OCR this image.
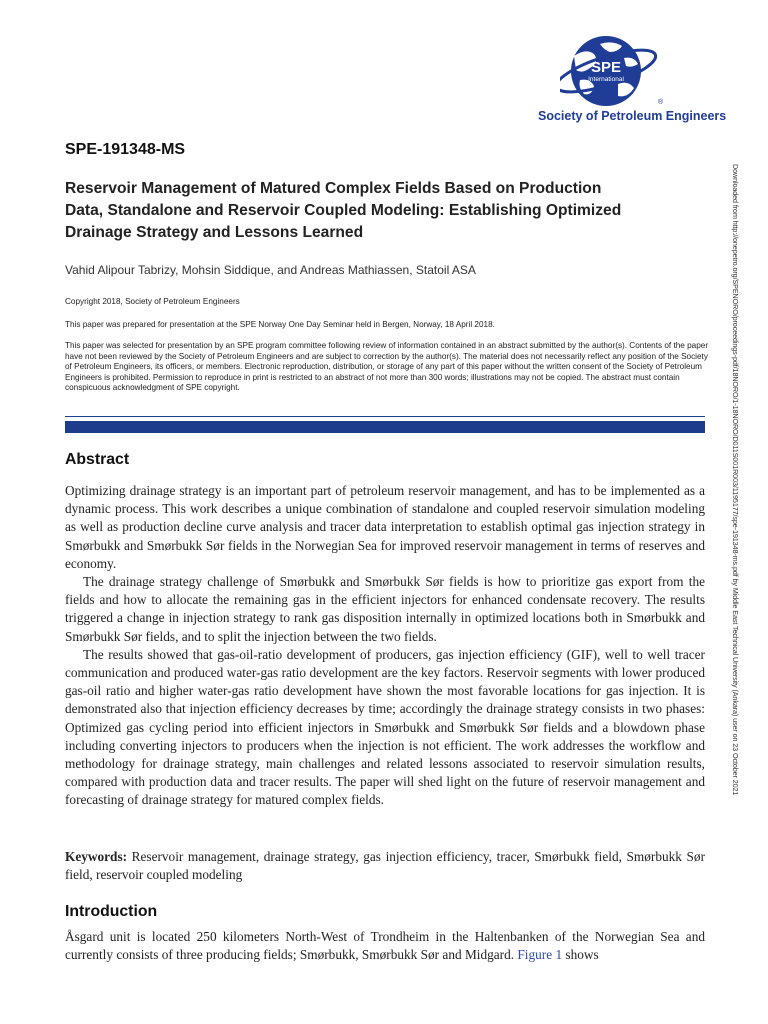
SPE
International
®
Society of Petroleum Engineers
SPE-191348-MS
Reservoir Management of Matured Complex Fields Based on Production
Data, Standalone and Reservoir Coupled Modeling: Establishing Optimized
Drainage Strategy and Lessons Learned
Vahid Alipour Tabrizy, Mohsin Siddique, and Andreas Mathiassen, Statoil ASA
Copyright 2018, Society of Petroleum Engineers
This paper was prepared for presentation at the SPE Norway One Day Seminar held in Bergen, Norway, 18 April 2018.
This paper was selected for presentation by an SPE program committee following review of information contained in an abstract submitted by the author(s). Contents of the paper have not been reviewed by the Society of Petroleum Engineers and are subject to correction by the author(s). The material does not necessarily reflect any position of the Society of Petroleum Engineers, its officers, or members. Electronic reproduction, distribution, or storage of any part of this paper without the written consent of the Society of Petroleum Engineers is prohibited. Permission to reproduce in print is restricted to an abstract of not more than 300 words; illustrations may not be copied. The abstract must contain conspicuous acknowledgment of SPE copyright.
Abstract

Optimizing drainage strategy is an important part of petroleum reservoir management, and has to be implemented as a dynamic process. This work describes a unique combination of standalone and coupled reservoir simulation modeling as well as production decline curve analysis and tracer data interpretation to establish optimal gas injection strategy in Smørbukk and Smørbukk Sør fields in the Norwegian Sea for improved reservoir management in terms of reserves and economy.

The drainage strategy challenge of Smørbukk and Smørbukk Sør fields is how to prioritize gas export from the fields and how to allocate the remaining gas in the efficient injectors for enhanced condensate recovery. The results triggered a change in injection strategy to rank gas disposition internally in optimized locations both in Smørbukk and Smørbukk Sør fields, and to split the injection between the two fields.

The results showed that gas-oil-ratio development of producers, gas injection efficiency (GIF), well to well tracer communication and produced water-gas ratio development are the key factors. Reservoir segments with lower produced gas-oil ratio and higher water-gas ratio development have shown the most favorable locations for gas injection. It is demonstrated also that injection efficiency decreases by time; accordingly the drainage strategy consists in two phases: Optimized gas cycling period into efficient injectors in Smørbukk and Smørbukk Sør fields and a blowdown phase including converting injectors to producers when the injection is not efficient. The work addresses the workflow and methodology for drainage strategy, main challenges and related lessons associated to reservoir simulation results, compared with production data and tracer results. The paper will shed light on the future of reservoir management and forecasting of drainage strategy for matured complex fields.

Keywords: Reservoir management, drainage strategy, gas injection efficiency, tracer, Smørbukk field, Smørbukk Sør field, reservoir coupled modeling

Introduction

Åsgard unit is located 250 kilometers North-West of Trondheim in the Haltenbanken of the Norwegian Sea and currently consists of three producing fields; Smørbukk, Smørbukk Sør and Midgard. Figure 1 shows

Downloaded from http://onepetro.org/SPENORO/proceedings-pdf/18NORO/1-18NORO/D011S001R003/1195177/spe-191348-ms.pdf by Middle East Technical University (Ankara) user on 23 October 2021
